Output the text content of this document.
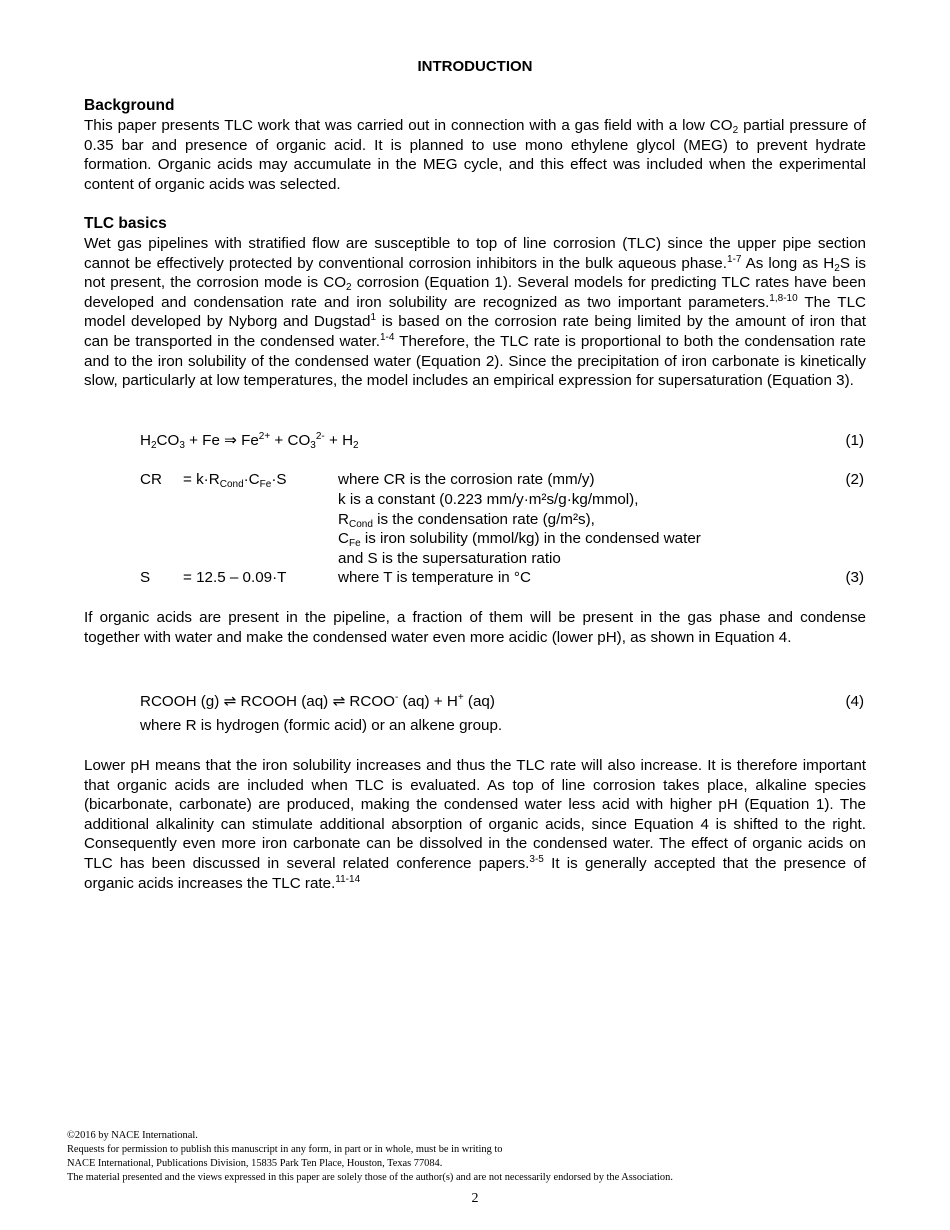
INTRODUCTION
Background

This paper presents TLC work that was carried out in connection with a gas field with a low $CO_2$ partial pressure of 0.35 bar and presence of organic acid. It is planned to use mono ethylene glycol (MEG) to prevent hydrate formation. Organic acids may accumulate in the MEG cycle, and this effect was included when the experimental content of organic acids was selected.

TLC basics

Wet gas pipelines with stratified flow are susceptible to top of line corrosion (TLC) since the upper pipe section cannot be effectively protected by conventional corrosion inhibitors in the bulk aqueous phase.$^{1-7}$ As long as $H_2S$ is not present, the corrosion mode is $CO_2$ corrosion (Equation 1). Several models for predicting TLC rates have been developed and condensation rate and iron solubility are recognized as two important parameters.$^{1,8-10}$ The TLC model developed by Nyborg and Dugstad$^1$ is based on the corrosion rate being limited by the amount of iron that can be transported in the condensed water.$^{1-4}$ Therefore, the TLC rate is proportional to both the condensation rate and to the iron solubility of the condensed water (Equation 2). Since the precipitation of iron carbonate is kinetically slow, particularly at low temperatures, the model includes an empirical expression for supersaturation (Equation 3).

$H_2CO_3 + Fe$ ⇒ $Fe^{2+} + CO_3^{2-} + H_2$	(1)
CR = $k\cdot R_{Cond}\cdot C_{Fe}\cdot S$	where CR is the corrosion rate (mm/y)	(2)
k is a constant (0.223 mm/y·m²s/g·kg/mmol),
$R_{Cond}$ is the condensation rate (g/m²s),
$C_{Fe}$ is iron solubility (mmol/kg) in the condensed water
and S is the supersaturation ratio
S = 12.5 – 0.09·T	where T is temperature in °C	(3)

If organic acids are present in the pipeline, a fraction of them will be present in the gas phase and condense together with water and make the condensed water even more acidic (lower pH), as shown in Equation 4.

RCOOH (g) ⇌ RCOOH (aq) ⇌ RCOO- (aq) + H+ (aq)	(4)
where R is hydrogen (formic acid) or an alkene group.

Lower pH means that the iron solubility increases and thus the TLC rate will also increase. It is therefore important that organic acids are included when TLC is evaluated. As top of line corrosion takes place, alkaline species (bicarbonate, carbonate) are produced, making the condensed water less acid with higher pH (Equation 1). The additional alkalinity can stimulate additional absorption of organic acids, since Equation 4 is shifted to the right. Consequently even more iron carbonate can be dissolved in the condensed water. The effect of organic acids on TLC has been discussed in several related conference papers.$^{3-5}$ It is generally accepted that the presence of organic acids increases the TLC rate.$^{11-14}$

©2016 by NACE International.
Requests for permission to publish this manuscript in any form, in part or in whole, must be in writing to
NACE International, Publications Division, 15835 Park Ten Place, Houston, Texas 77084.
The material presented and the views expressed in this paper are solely those of the author(s) and are not necessarily endorsed by the Association.
2
